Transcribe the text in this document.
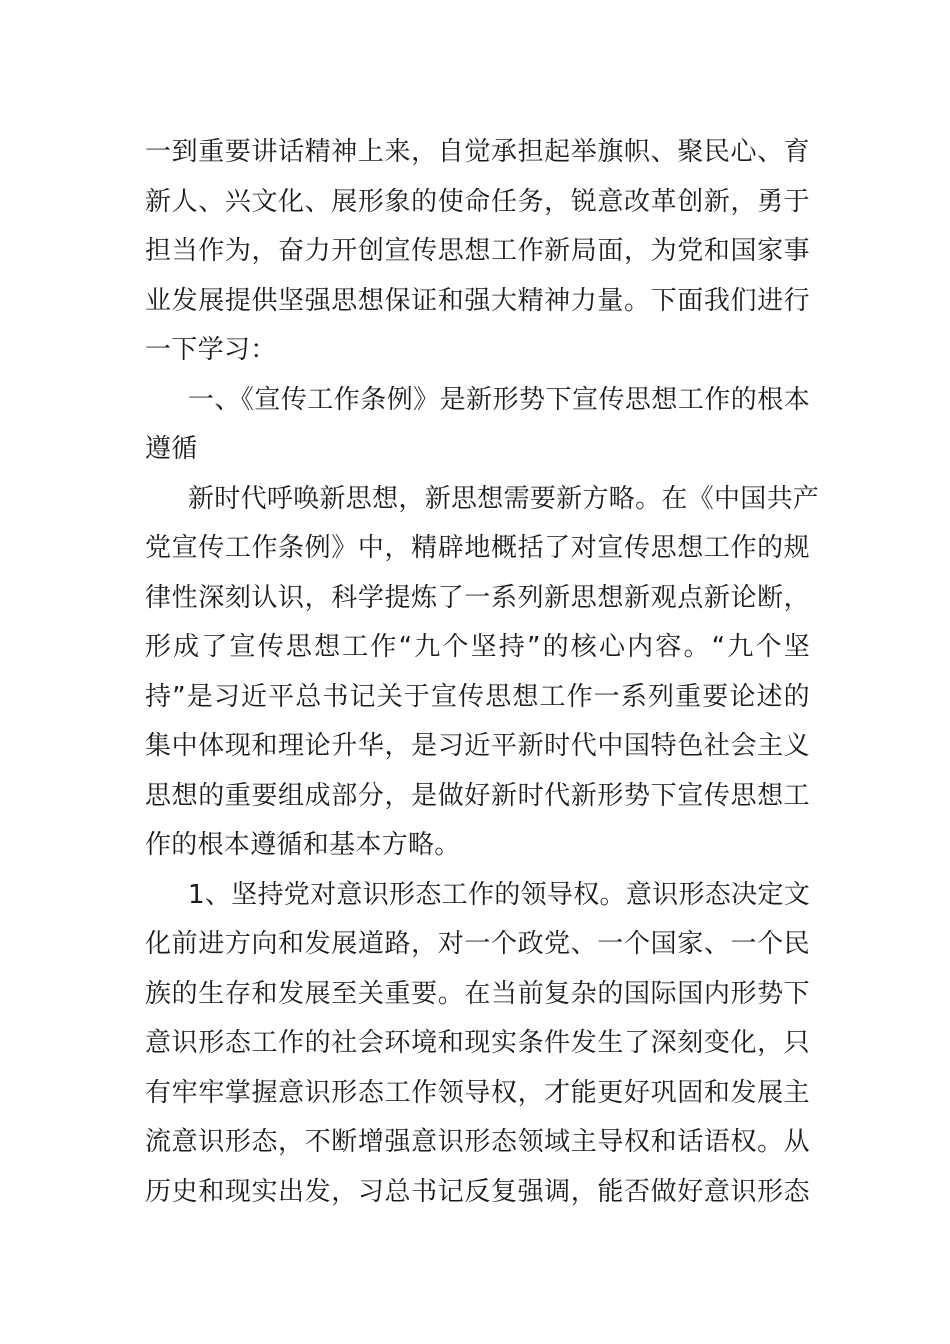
一到重要讲话精神上来，自觉承担起举旗帜、聚民心、育
新人、兴文化、展形象的使命任务，锐意改革创新，勇于
担当作为，奋力开创宣传思想工作新局面，为党和国家事
业发展提供坚强思想保证和强大精神力量。下面我们进行
一下学习：
一、《宣传工作条例》是新形势下宣传思想工作的根本
遵循
新时代呼唤新思想，新思想需要新方略。在《中国共产
党宣传工作条例》中，精辟地概括了对宣传思想工作的规
律性深刻认识，科学提炼了一系列新思想新观点新论断，
形成了宣传思想工作“九个坚持”的核心内容。“九个坚
持”是习近平总书记关于宣传思想工作一系列重要论述的
集中体现和理论升华，是习近平新时代中国特色社会主义
思想的重要组成部分，是做好新时代新形势下宣传思想工
作的根本遵循和基本方略。
1、坚持党对意识形态工作的领导权。意识形态决定文
化前进方向和发展道路，对一个政党、一个国家、一个民
族的生存和发展至关重要。在当前复杂的国际国内形势下
意识形态工作的社会环境和现实条件发生了深刻变化，只
有牢牢掌握意识形态工作领导权，才能更好巩固和发展主
流意识形态，不断增强意识形态领域主导权和话语权。从
历史和现实出发，习总书记反复强调，能否做好意识形态
